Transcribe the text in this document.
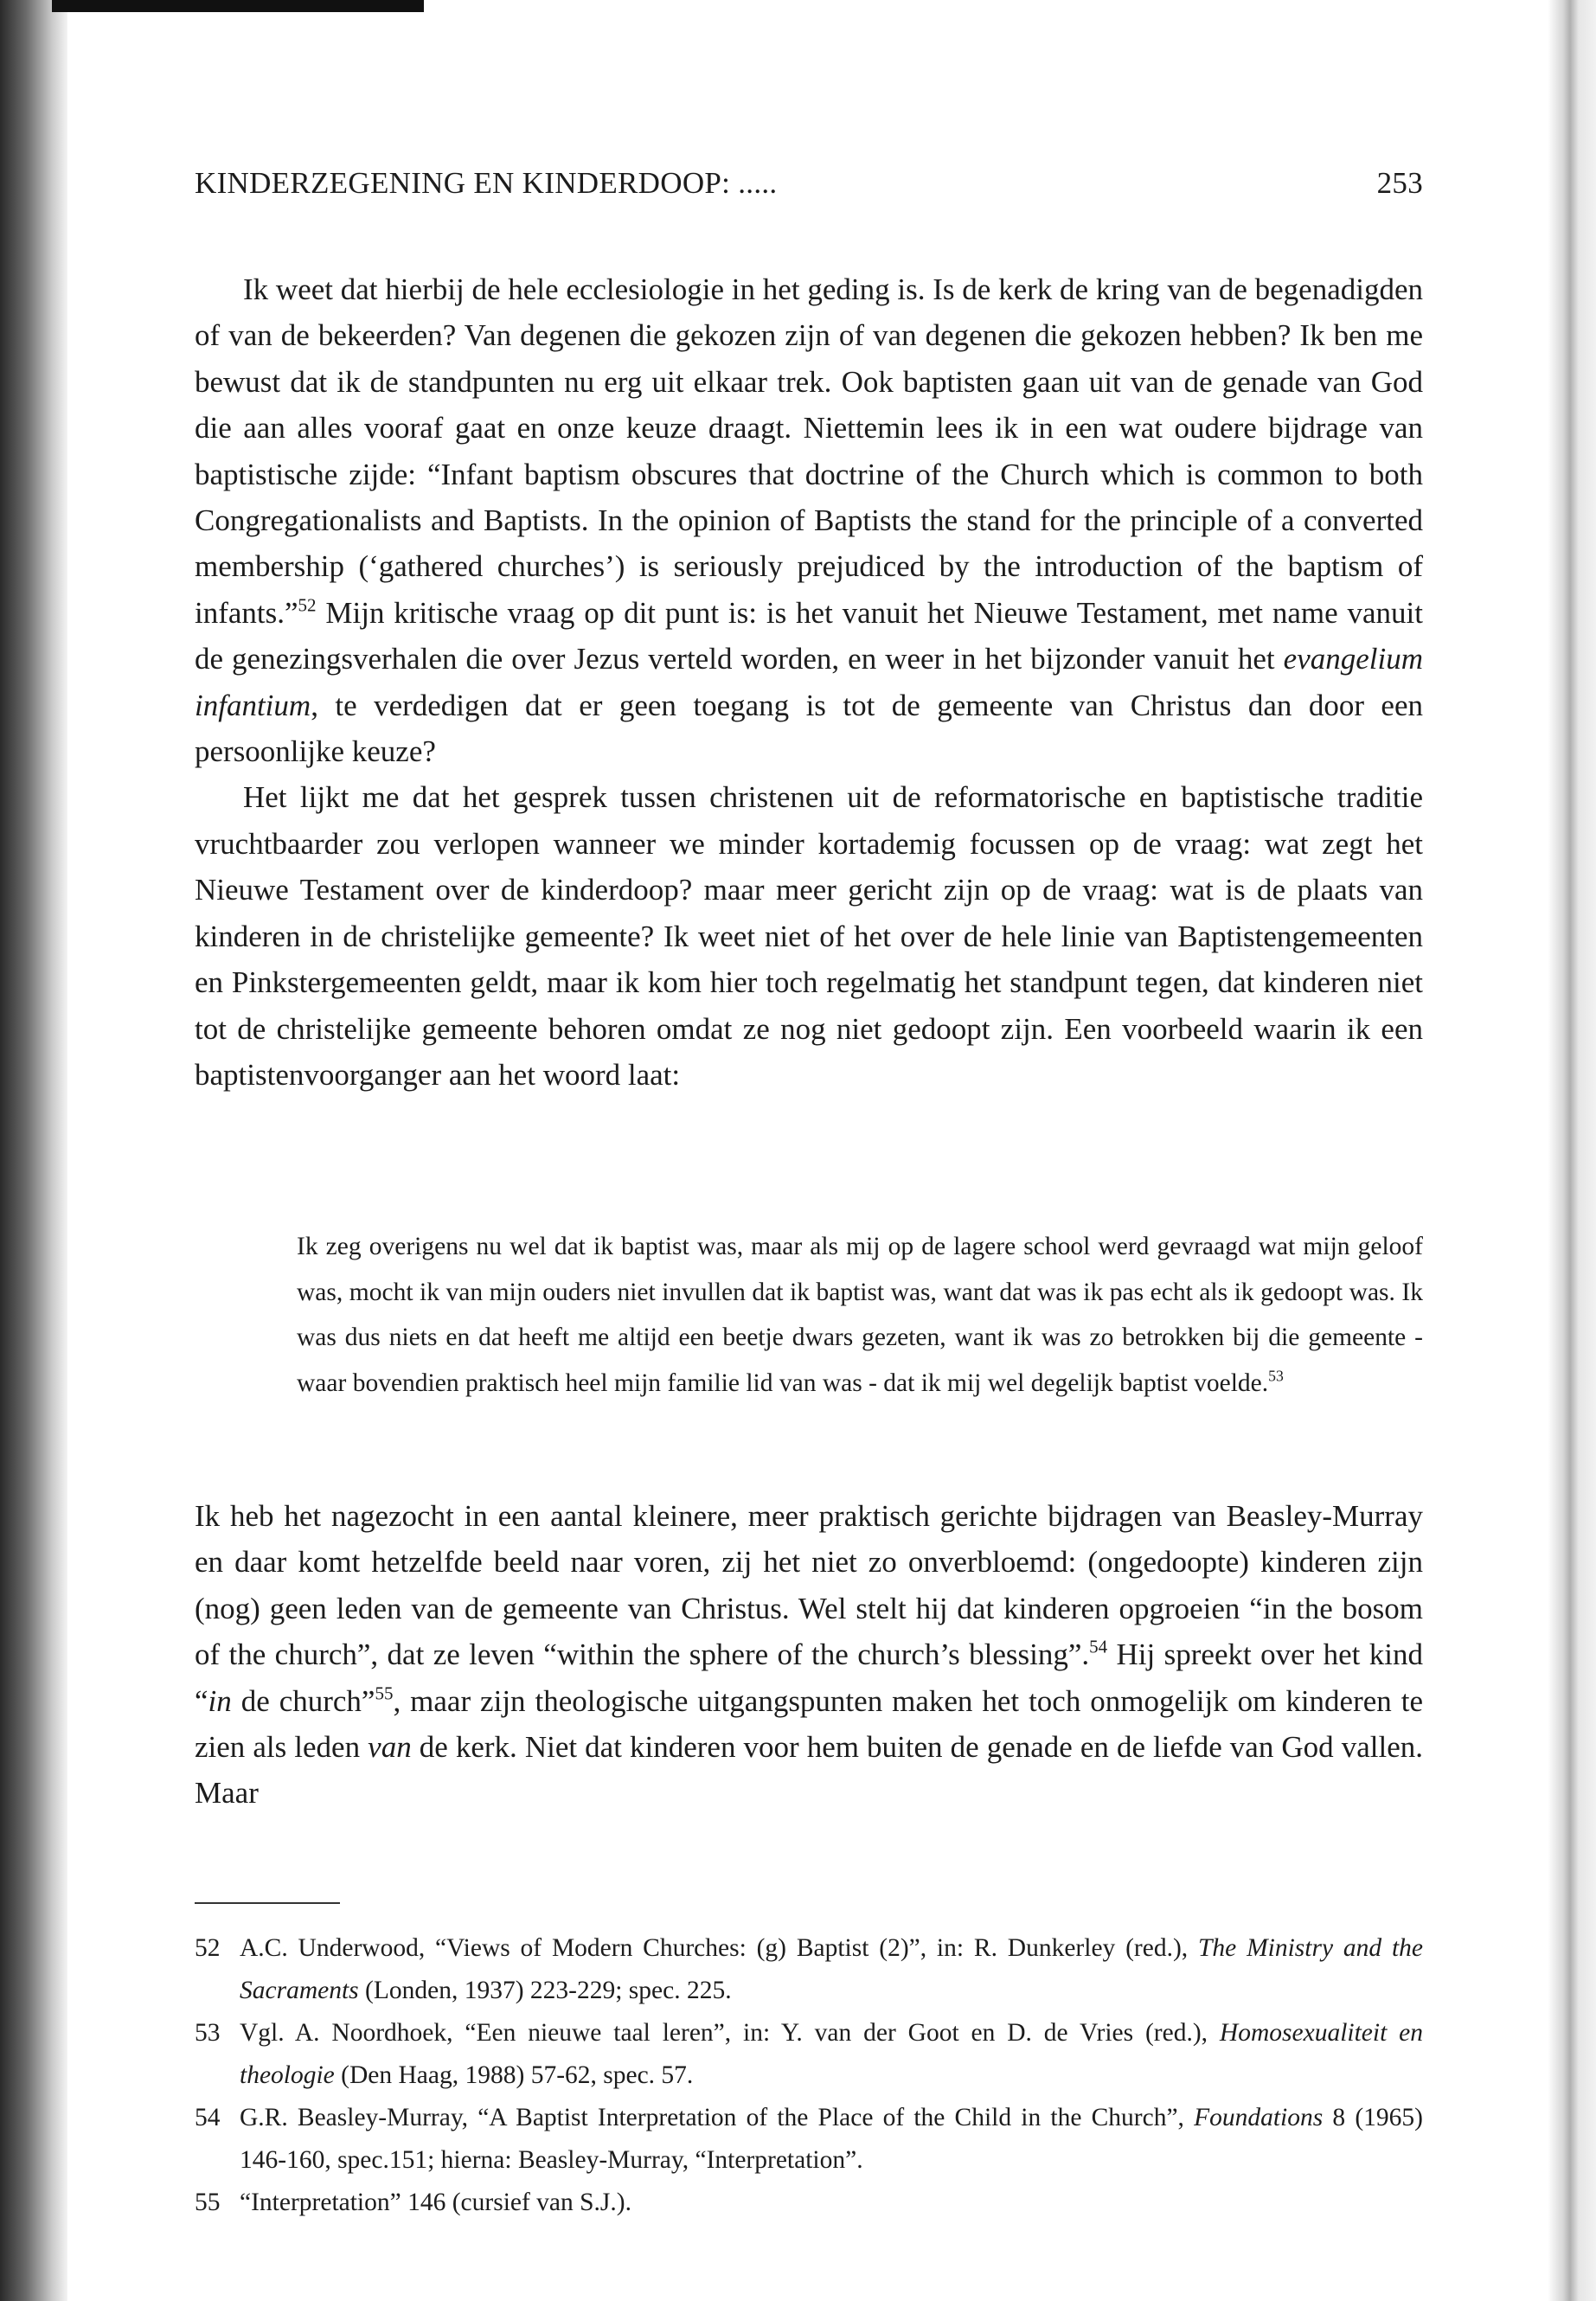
KINDERZEGENING EN KINDERDOOP: .....	253

Ik weet dat hierbij de hele ecclesiologie in het geding is. Is de kerk de kring van de begenadigden of van de bekeerden? Van degenen die gekozen zijn of van degenen die gekozen hebben? Ik ben me bewust dat ik de standpunten nu erg uit elkaar trek. Ook baptisten gaan uit van de genade van God die aan alles vooraf gaat en onze keuze draagt. Niettemin lees ik in een wat oudere bijdrage van baptistische zijde: “Infant baptism obscures that doctrine of the Church which is common to both Congregationalists and Baptists. In the opinion of Baptists the stand for the principle of a converted membership (‘gathered churches’) is seriously prejudiced by the introduction of the baptism of infants.”$^{52}$ Mijn kritische vraag op dit punt is: is het vanuit het Nieuwe Testament, met name vanuit de genezingsverhalen die over Jezus verteld worden, en weer in het bijzonder vanuit het evangelium infantium, te verdedigen dat er geen toegang is tot de gemeente van Christus dan door een persoonlijke keuze?

Het lijkt me dat het gesprek tussen christenen uit de reformatorische en baptistische traditie vruchtbaarder zou verlopen wanneer we minder kortademig focussen op de vraag: wat zegt het Nieuwe Testament over de kinderdoop? maar meer gericht zijn op de vraag: wat is de plaats van kinderen in de christelijke gemeente? Ik weet niet of het over de hele linie van Baptistengemeenten en Pinkstergemeenten geldt, maar ik kom hier toch regelmatig het standpunt tegen, dat kinderen niet tot de christelijke gemeente behoren omdat ze nog niet gedoopt zijn. Een voorbeeld waarin ik een baptistenvoorganger aan het woord laat:

Ik zeg overigens nu wel dat ik baptist was, maar als mij op de lagere school werd gevraagd wat mijn geloof was, mocht ik van mijn ouders niet invullen dat ik baptist was, want dat was ik pas echt als ik gedoopt was. Ik was dus niets en dat heeft me altijd een beetje dwars gezeten, want ik was zo betrokken bij die gemeente - waar bovendien praktisch heel mijn familie lid van was - dat ik mij wel degelijk baptist voelde.$^{53}$

Ik heb het nagezocht in een aantal kleinere, meer praktisch gerichte bijdragen van Beasley-Murray en daar komt hetzelfde beeld naar voren, zij het niet zo onverbloemd: (ongedoopte) kinderen zijn (nog) geen leden van de gemeente van Christus. Wel stelt hij dat kinderen opgroeien “in the bosom of the church”, dat ze leven “within the sphere of the church’s blessing”.$^{54}$ Hij spreekt over het kind “in de church”$^{55}$, maar zijn theologische uitgangspunten maken het toch onmogelijk om kinderen te zien als leden van de kerk. Niet dat kinderen voor hem buiten de genade en de liefde van God vallen. Maar

52 A.C. Underwood, “Views of Modern Churches: (g) Baptist (2)”, in: R. Dunkerley (red.), The Ministry and the Sacraments (Londen, 1937) 223-229; spec. 225.
53 Vgl. A. Noordhoek, “Een nieuwe taal leren”, in: Y. van der Goot en D. de Vries (red.), Homosexualiteit en theologie (Den Haag, 1988) 57-62, spec. 57.
54 G.R. Beasley-Murray, “A Baptist Interpretation of the Place of the Child in the Church”, Foundations 8 (1965) 146-160, spec.151; hierna: Beasley-Murray, “Interpretation”.
55 “Interpretation” 146 (cursief van S.J.).
